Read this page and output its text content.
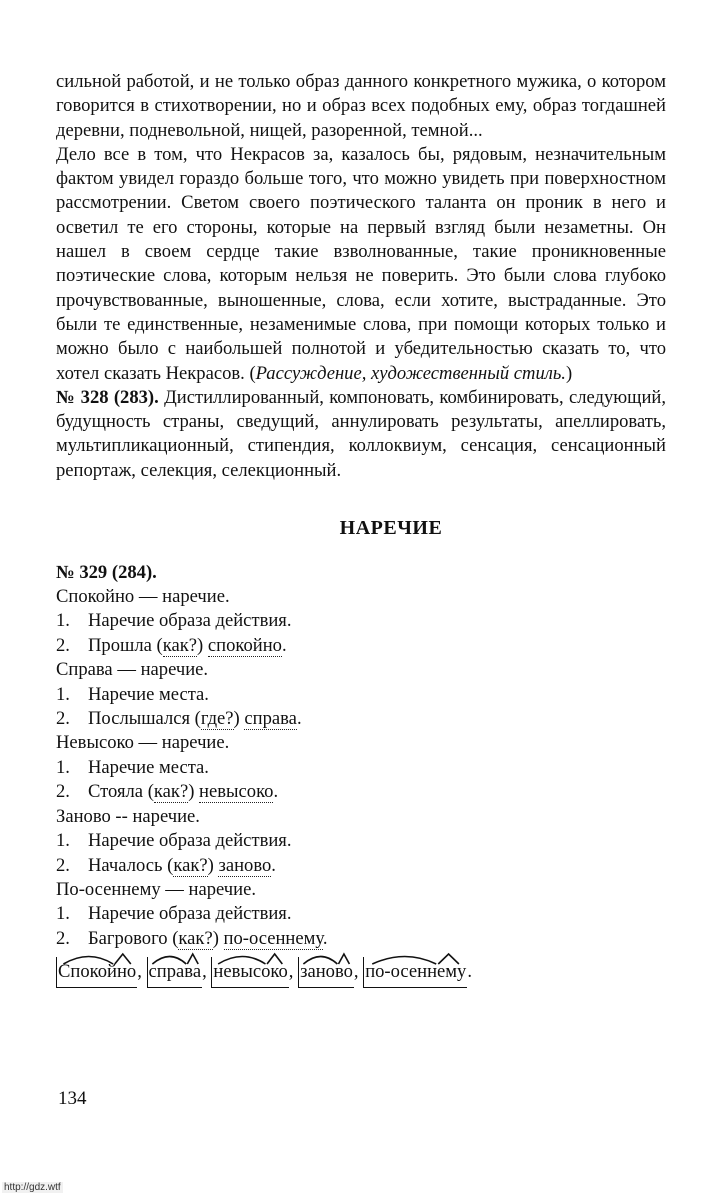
сильной работой, и не только образ данного конкретного мужика, о котором говорится в стихотворении, но и образ всех подобных ему, образ тогдашней деревни, подневольной, нищей, разоренной, темной...

Дело все в том, что Некрасов за, казалось бы, рядовым, незначительным фактом увидел гораздо больше того, что можно увидеть при поверхностном рассмотрении. Светом своего поэтического таланта он проник в него и осветил те его стороны, которые на первый взгляд были незаметны. Он нашел в своем сердце такие взволнованные, такие проникновенные поэтические слова, которым нельзя не поверить. Это были слова глубоко прочувствованные, выношенные, слова, если хотите, выстраданные. Это были те единственные, незаменимые слова, при помощи которых только и можно было с наибольшей полнотой и убедительностью сказать то, что хотел сказать Некрасов. (Рассуждение, художественный стиль.)

№ 328 (283). Дистиллированный, компоновать, комбинировать, следующий, будущность страны, сведущий, аннулировать результаты, апеллировать, мультипликационный, стипендия, коллоквиум, сенсация, сенсационный репортаж, селекция, селекционный.

НАРЕЧИЕ
№ 329 (284).
Спокойно — наречие.
1. Наречие образа действия.
2. Прошла (как?) спокойно.
Справа — наречие.
1. Наречие места.
2. Послышался (где?) справа.
Невысоко — наречие.
1. Наречие места.
2. Стояла (как?) невысоко.
Заново -- наречие.
1. Наречие образа действия.
2. Началось (как?) заново.
По-осеннему — наречие.
1. Наречие образа действия.
2. Багрового (как?) по-осеннему.
Спокойно
, справа
, невысоко
, заново
, по-осеннему
.
134
http://gdz.wtf
